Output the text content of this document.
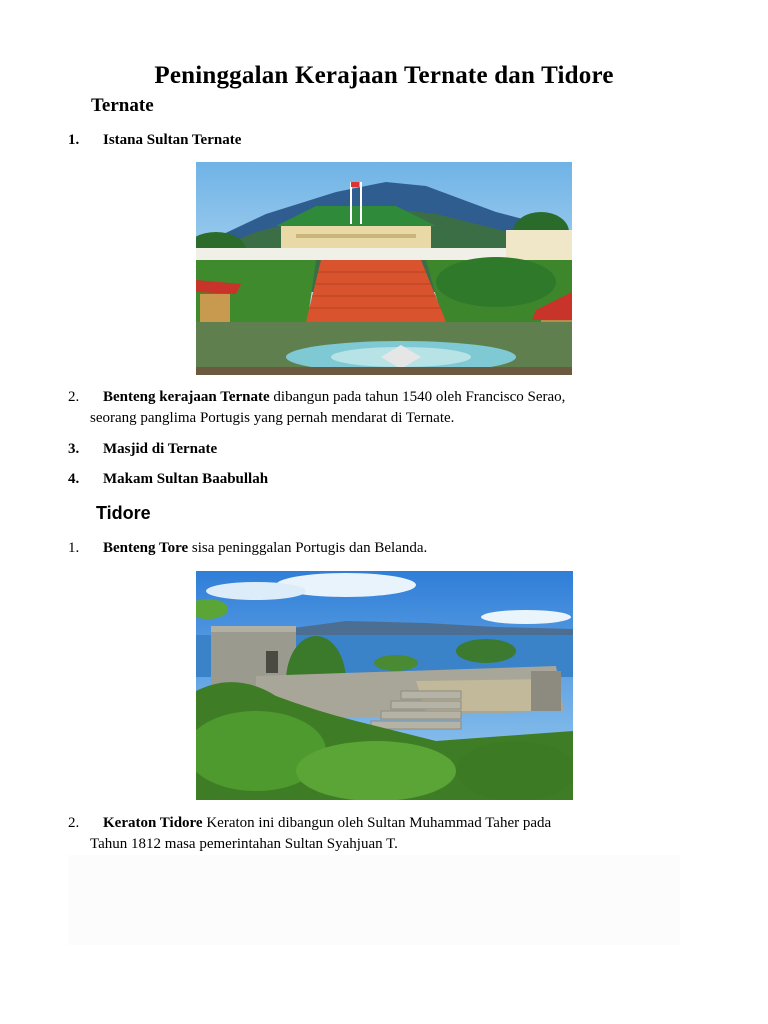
Peninggalan Kerajaan Ternate dan Tidore
Ternate
1. Istana Sultan Ternate
2. Benteng kerajaan Ternate dibangun pada tahun 1540 oleh Francisco Serao,
seorang panglima Portugis yang pernah mendarat di Ternate.
3. Masjid di Ternate
4. Makam Sultan Baabullah
Tidore
1. Benteng Tore sisa peninggalan Portugis dan Belanda.
2. Keraton Tidore Keraton ini dibangun oleh Sultan Muhammad Taher pada
Tahun 1812 masa pemerintahan Sultan Syahjuan T.
